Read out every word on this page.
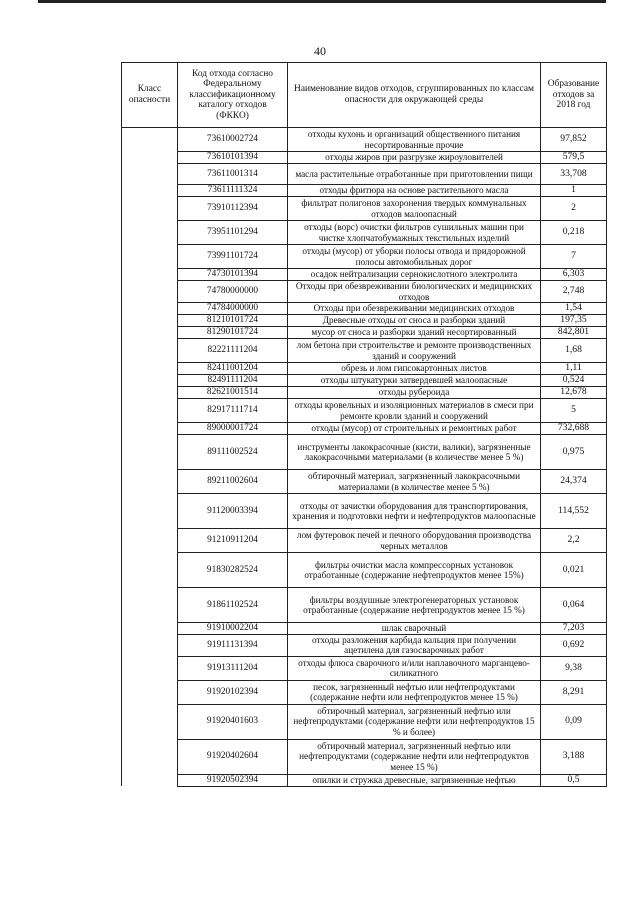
40
Класс опасности	Код отхода согласно Федеральному классификационному каталогу отходов (ФККО)	Наименование видов отходов, сгруппированных по классам опасности для окружающей среды	Образование отходов за 2018 год
	73610002724	отходы кухонь и организаций общественного питания несортированные прочие	97,852
	73610101394	отходы жиров при разгрузке жироуловителей	579,5
	73611001314	масла растительные отработанные при приготовлении пищи	33,708
	73611111324	отходы фритюра на основе растительного масла	1
	73910112394	фильтрат полигонов захоронения твердых коммунальных отходов малоопасный	2
	73951101294	отходы (ворс) очистки фильтров сушильных машин при чистке хлопчатобумажных текстильных изделий	0,218
	73991101724	отходы (мусор) от уборки полосы отвода и придорожной полосы автомобильных дорог	7
	74730101394	осадок нейтрализации сернокислотного электролита	6,303
	74780000000	Отходы при обезвреживании биологических и медицинских отходов	2,748
	74784000000	Отходы при обезвреживании медицинских отходов	1,54
	81210101724	Древесные отходы от сноса и разборки зданий	197,35
	81290101724	мусор от сноса и разборки зданий несортированный	842,801
	82221111204	лом бетона при строительстве и ремонте производственных зданий и сооружений	1,68
	82411001204	обрезь и лом гипсокартонных листов	1,11
	82491111204	отходы штукатурки затвердевшей малоопасные	0,524
	82621001514	отходы рубероида	12,678
	82917111714	отходы кровельных и изоляционных материалов в смеси при ремонте кровли зданий и сооружений	5
	89000001724	отходы (мусор) от строительных и ремонтных работ	732,688
	89111002524	инструменты лакокрасочные (кисти, валики), загрязненные лакокрасочными материалами (в количестве менее 5 %)	0,975
	89211002604	обтирочный материал, загрязненный лакокрасочными материалами (в количестве менее 5 %)	24,374
	91120003394	отходы от зачистки оборудования для транспортирования, хранения и подготовки нефти и нефтепродуктов малоопасные	114,552
	91210911204	лом футеровок печей и печного оборудования производства черных металлов	2,2
	91830282524	фильтры очистки масла компрессорных установок отработанные (содержание нефтепродуктов менее 15%)	0,021
	91861102524	фильтры воздушные электрогенераторных установок отработанные (содержание нефтепродуктов менее 15 %)	0,064
	91910002204	шлак сварочный	7,203
	91911131394	отходы разложения карбида кальция при получении ацетилена для газосварочных работ	0,692
	91913111204	отходы флюса сварочного и/или наплавочного марганцево-силикатного	9,38
	91920102394	песок, загрязненный нефтью или нефтепродуктами (содержание нефти или нефтепродуктов менее 15 %)	8,291
	91920401603	обтирочный материал, загрязненный нефтью или нефтепродуктами (содержание нефти или нефтепродуктов 15 % и более)	0,09
	91920402604	обтирочный материал, загрязненный нефтью или нефтепродуктами (содержание нефти или нефтепродуктов менее 15 %)	3,188
	91920502394	опилки и стружка древесные, загрязненные нефтью	0,5
